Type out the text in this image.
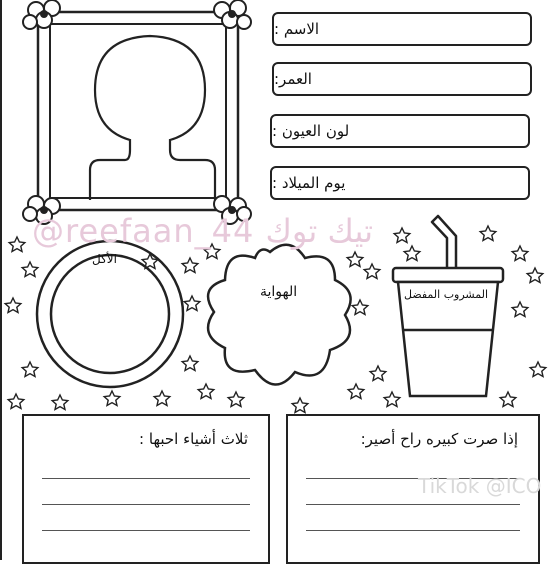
@reefaan_44 تيك توك
الاسم :
العمر:
لون العيون :
يوم الميلاد :
الأكل
الهواية	المشروب المفضل
ثلاث أشياء احبها :	إذا صرت كبيره راح أصير:
TikTok @ICO
